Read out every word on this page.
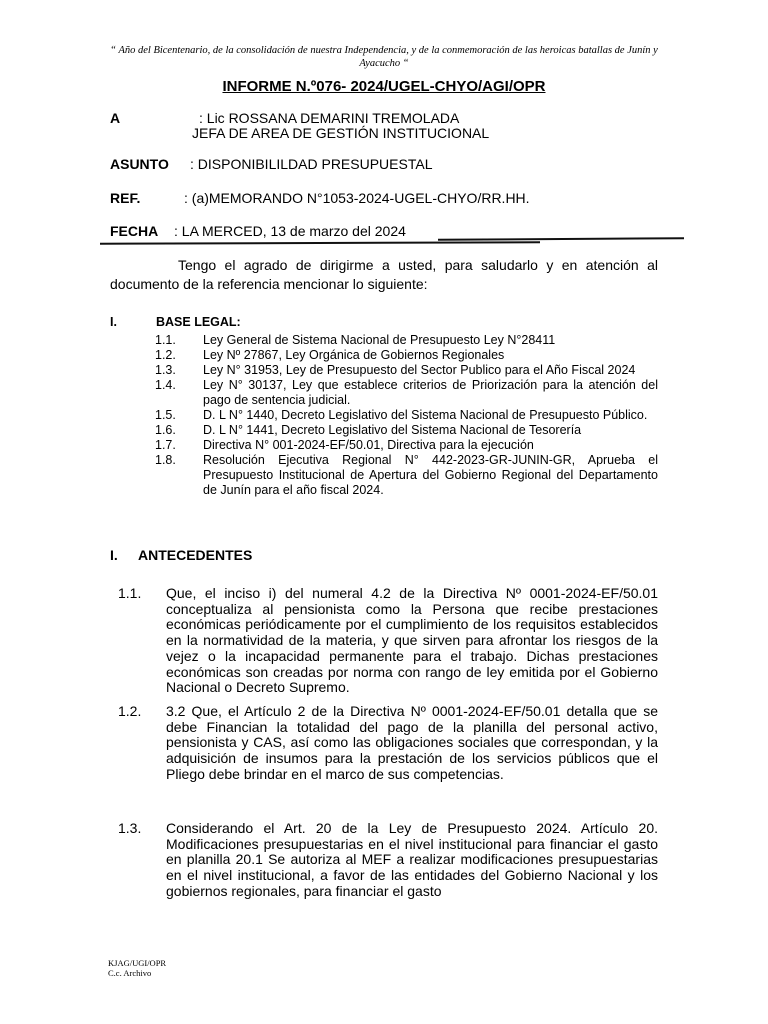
“ Año del Bicentenario, de la consolidación de nuestra Independencia, y de la conmemoración de las heroicas batallas de Junín y Ayacucho “
INFORME N.º076- 2024/UGEL-CHYO/AGI/OPR
A	: Lic ROSSANA DEMARINI TREMOLADA
JEFA DE AREA DE GESTIÓN INSTITUCIONAL
ASUNTO : DISPONIBILILDAD PRESUPUESTAL
REF.	: (a)MEMORANDO N°1053-2024-UGEL-CHYO/RR.HH.
FECHA : LA MERCED, 13 de marzo del 2024
Tengo el agrado de dirigirme a usted, para saludarlo y en atención al documento de la referencia mencionar lo siguiente:
I.	BASE LEGAL:
1.1. Ley General de Sistema Nacional de Presupuesto Ley N°28411
1.2. Ley Nº 27867, Ley Orgánica de Gobiernos Regionales
1.3. Ley N° 31953, Ley de Presupuesto del Sector Publico para el Año Fiscal 2024
1.4. Ley N° 30137, Ley que establece criterios de Priorización para la atención del pago de sentencia judicial.
1.5. D. L N° 1440, Decreto Legislativo del Sistema Nacional de Presupuesto Público.
1.6. D. L N° 1441, Decreto Legislativo del Sistema Nacional de Tesorería
1.7. Directiva N° 001-2024-EF/50.01, Directiva para la ejecución
1.8. Resolución Ejecutiva Regional N° 442-2023-GR-JUNIN-GR, Aprueba el Presupuesto Institucional de Apertura del Gobierno Regional del Departamento de Junín para el año fiscal 2024.
I. ANTECEDENTES
1.1. Que, el inciso i) del numeral 4.2 de la Directiva Nº 0001-2024-EF/50.01 conceptualiza al pensionista como la Persona que recibe prestaciones económicas periódicamente por el cumplimiento de los requisitos establecidos en la normatividad de la materia, y que sirven para afrontar los riesgos de la vejez o la incapacidad permanente para el trabajo. Dichas prestaciones económicas son creadas por norma con rango de ley emitida por el Gobierno Nacional o Decreto Supremo.
1.2. 3.2 Que, el Artículo 2 de la Directiva Nº 0001-2024-EF/50.01 detalla que se debe Financian la totalidad del pago de la planilla del personal activo, pensionista y CAS, así como las obligaciones sociales que correspondan, y la adquisición de insumos para la prestación de los servicios públicos que el Pliego debe brindar en el marco de sus competencias.
1.3. Considerando el Art. 20 de la Ley de Presupuesto 2024. Artículo 20. Modificaciones presupuestarias en el nivel institucional para financiar el gasto en planilla 20.1 Se autoriza al MEF a realizar modificaciones presupuestarias en el nivel institucional, a favor de las entidades del Gobierno Nacional y los gobiernos regionales, para financiar el gasto
KJAG/UGI/OPR
C.c. Archivo
